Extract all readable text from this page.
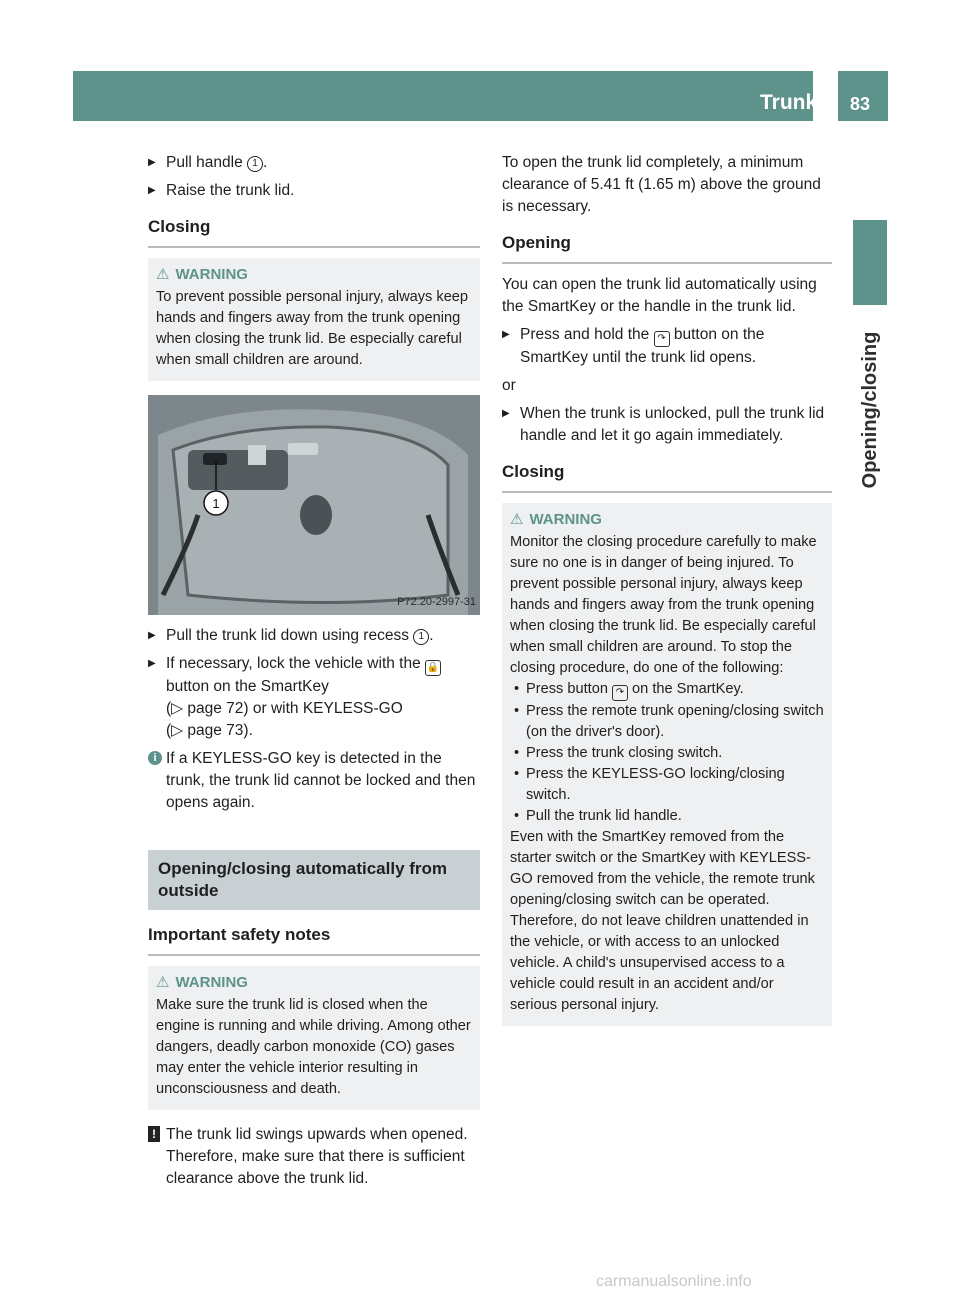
Trunk 83
Opening/closing
▶ Pull handle 1 .
▶ Raise the trunk lid.
Closing
⚠ WARNING
To prevent possible personal injury, always keep hands and fingers away from the trunk opening when closing the trunk lid. Be especially careful when small children are around.
1
P72.20-2997-31
▶ Pull the trunk lid down using recess 1 .
▶ If necessary, lock the vehicle with the 🔒 button on the SmartKey
(▷ page 72) or with KEYLESS-GO
(▷ page 73).
i If a KEYLESS-GO key is detected in the trunk, the trunk lid cannot be locked and then opens again.
Opening/closing automatically from outside
Important safety notes
⚠ WARNING
Make sure the trunk lid is closed when the engine is running and while driving. Among other dangers, deadly carbon monoxide (CO) gases may enter the vehicle interior resulting in unconsciousness and death.
! The trunk lid swings upwards when opened. Therefore, make sure that there is sufficient clearance above the trunk lid.
To open the trunk lid completely, a minimum clearance of 5.41 ft (1.65 m) above the ground is necessary.
Opening
You can open the trunk lid automatically using the SmartKey or the handle in the trunk lid.
▶ Press and hold the ↷ button on the SmartKey until the trunk lid opens.
or
▶ When the trunk is unlocked, pull the trunk lid handle and let it go again immediately.
Closing
⚠ WARNING
Monitor the closing procedure carefully to make sure no one is in danger of being injured. To prevent possible personal injury, always keep hands and fingers away from the trunk opening when closing the trunk lid. Be especially careful when small children are around. To stop the closing procedure, do one of the following:
• Press button ↷ on the SmartKey.
• Press the remote trunk opening/closing switch (on the driver's door).
• Press the trunk closing switch.
• Press the KEYLESS-GO locking/closing switch.
• Pull the trunk lid handle.
Even with the SmartKey removed from the starter switch or the SmartKey with KEYLESS-GO removed from the vehicle, the remote trunk opening/closing switch can be operated. Therefore, do not leave children unattended in the vehicle, or with access to an unlocked vehicle. A child's unsupervised access to a vehicle could result in an accident and/or serious personal injury.
carmanualsonline.info
